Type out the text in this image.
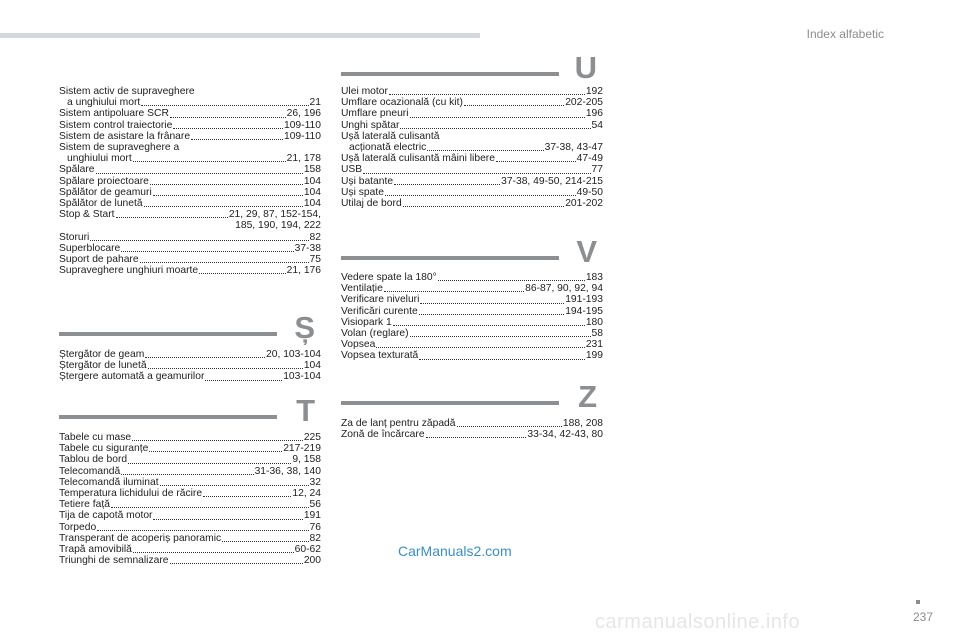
Index alfabetic
Sistem activ de supraveghere
a unghiului mort	21
Sistem antipoluare SCR	26, 196
Sistem control traiectorie	109-110
Sistem de asistare la frânare	109-110
Sistem de supraveghere a
unghiului mort	21, 178
Spălare	158
Spălare proiectoare	104
Spălător de geamuri	104
Spălător de lunetă	104
Stop & Start	21, 29, 87, 152-154,
185, 190, 194, 222
Storuri	82
Superblocare	37-38
Suport de pahare	75
Supraveghere unghiuri moarte	21, 176
Ș
Ștergător de geam	20, 103-104
Ștergător de lunetă	104
Ștergere automată a geamurilor	103-104
T
Tabele cu mase	225
Tabele cu siguranțe	217-219
Tablou de bord	9, 158
Telecomandă	31-36, 38, 140
Telecomandă iluminat	32
Temperatura lichidului de răcire	12, 24
Tetiere față	56
Tija de capotă motor	191
Torpedo	76
Transperant de acoperiș panoramic	82
Trapă amovibilă	60-62
Triunghi de semnalizare	200
U
Ulei motor	192
Umflare ocazională (cu kit)	202-205
Umflare pneuri	196
Unghi spătar	54
Ușă laterală culisantă
acționată electric	37-38, 43-47
Ușă laterală culisantă mâini libere	47-49
USB	77
Uși batante	37-38, 49-50, 214-215
Uși spate	49-50
Utilaj de bord	201-202
V
Vedere spate la 180°	183
Ventilație	86-87, 90, 92, 94
Verificare niveluri	191-193
Verificări curente	194-195
Visiopark 1	180
Volan (reglare)	58
Vopsea	231
Vopsea texturată	199
Z
Za de lanț pentru zăpadă	188, 208
Zonă de încărcare	33-34, 42-43, 80
CarManuals2.com
carmanualsonline.info	237
